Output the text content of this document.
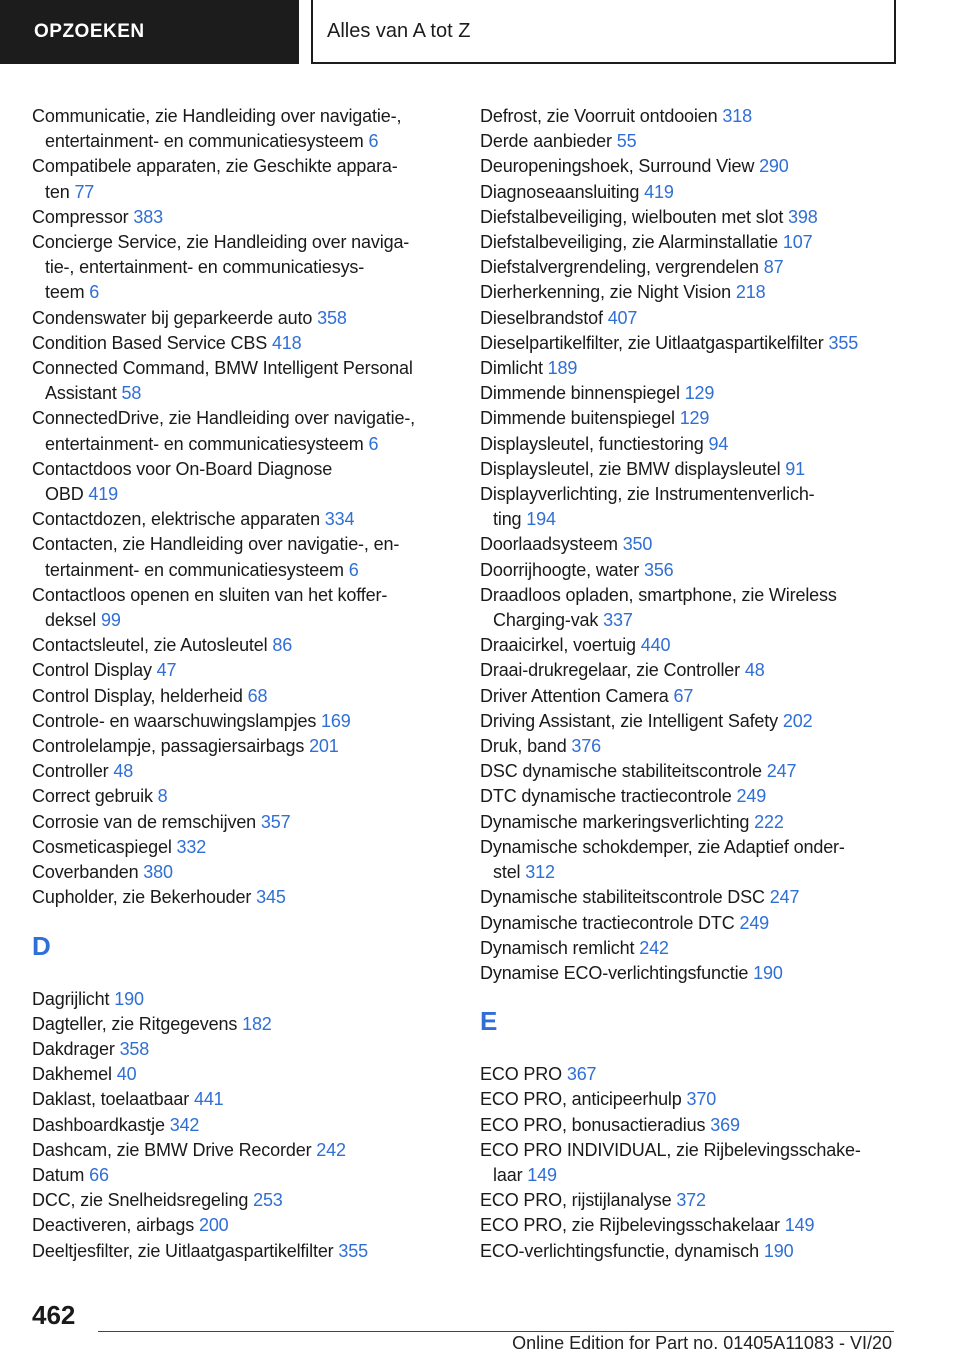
OPZOEKEN	Alles van A tot Z
Communicatie, zie Handleiding over navigatie-,
entertainment- en communicatiesysteem 6
Compatibele apparaten, zie Geschikte appara-
ten 77
Compressor 383
Concierge Service, zie Handleiding over naviga-
tie-, entertainment- en communicatiesys-
teem 6
Condenswater bij geparkeerde auto 358
Condition Based Service CBS 418
Connected Command, BMW Intelligent Personal
Assistant 58
ConnectedDrive, zie Handleiding over navigatie-,
entertainment- en communicatiesysteem 6
Contactdoos voor On-Board Diagnose
OBD 419
Contactdozen, elektrische apparaten 334
Contacten, zie Handleiding over navigatie-, en-
tertainment- en communicatiesysteem 6
Contactloos openen en sluiten van het koffer-
deksel 99
Contactsleutel, zie Autosleutel 86
Control Display 47
Control Display, helderheid 68
Controle- en waarschuwingslampjes 169
Controlelampje, passagiersairbags 201
Controller 48
Correct gebruik 8
Corrosie van de remschijven 357
Cosmeticaspiegel 332
Coverbanden 380
Cupholder, zie Bekerhouder 345
D
Dagrijlicht 190
Dagteller, zie Ritgegevens 182
Dakdrager 358
Dakhemel 40
Daklast, toelaatbaar 441
Dashboardkastje 342
Dashcam, zie BMW Drive Recorder 242
Datum 66
DCC, zie Snelheidsregeling 253
Deactiveren, airbags 200
Deeltjesfilter, zie Uitlaatgaspartikelfilter 355
Defrost, zie Voorruit ontdooien 318
Derde aanbieder 55
Deuropeningshoek, Surround View 290
Diagnoseaansluiting 419
Diefstalbeveiliging, wielbouten met slot 398
Diefstalbeveiliging, zie Alarminstallatie 107
Diefstalvergrendeling, vergrendelen 87
Dierherkenning, zie Night Vision 218
Dieselbrandstof 407
Dieselpartikelfilter, zie Uitlaatgaspartikelfilter 355
Dimlicht 189
Dimmende binnenspiegel 129
Dimmende buitenspiegel 129
Displaysleutel, functiestoring 94
Displaysleutel, zie BMW displaysleutel 91
Displayverlichting, zie Instrumentenverlich-
ting 194
Doorlaadsysteem 350
Doorrijhoogte, water 356
Draadloos opladen, smartphone, zie Wireless
Charging-vak 337
Draaicirkel, voertuig 440
Draai-drukregelaar, zie Controller 48
Driver Attention Camera 67
Driving Assistant, zie Intelligent Safety 202
Druk, band 376
DSC dynamische stabiliteitscontrole 247
DTC dynamische tractiecontrole 249
Dynamische markeringsverlichting 222
Dynamische schokdemper, zie Adaptief onder-
stel 312
Dynamische stabiliteitscontrole DSC 247
Dynamische tractiecontrole DTC 249
Dynamisch remlicht 242
Dynamise ECO-verlichtingsfunctie 190
E
ECO PRO 367
ECO PRO, anticipeerhulp 370
ECO PRO, bonusactieradius 369
ECO PRO INDIVIDUAL, zie Rijbelevingsschake-
laar 149
ECO PRO, rijstijlanalyse 372
ECO PRO, zie Rijbelevingsschakelaar 149
ECO-verlichtingsfunctie, dynamisch 190
462
Online Edition for Part no. 01405A11083 - VI/20
